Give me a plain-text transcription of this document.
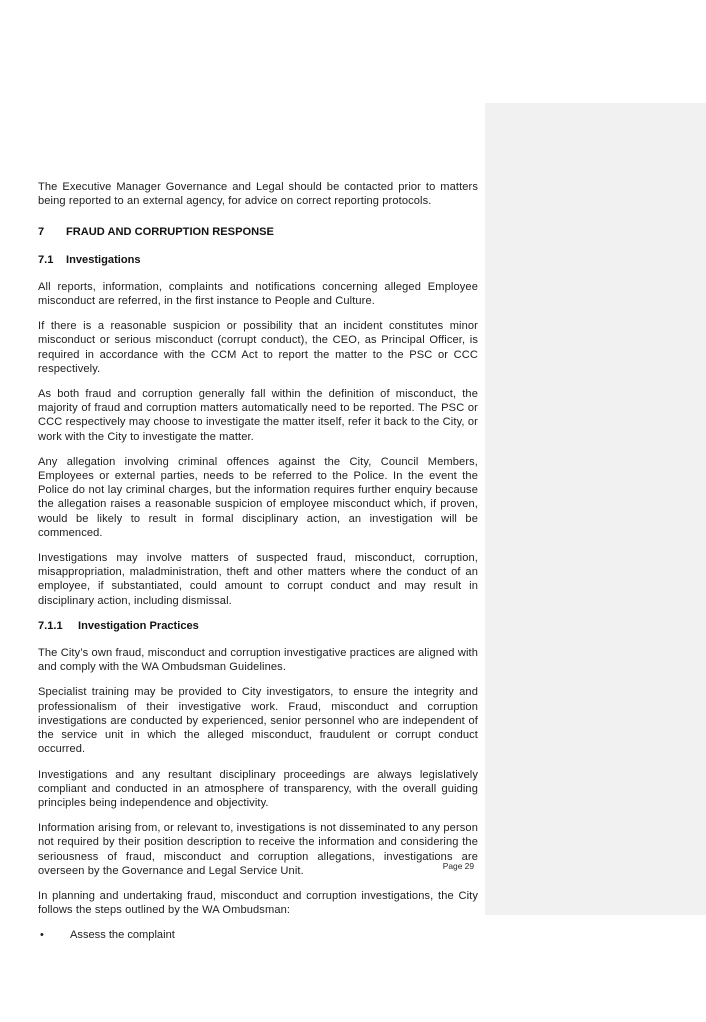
The Executive Manager Governance and Legal should be contacted prior to matters being reported to an external agency, for advice on correct reporting protocols.

7	FRAUD AND CORRUPTION RESPONSE
7.1	Investigations

All reports, information, complaints and notifications concerning alleged Employee misconduct are referred, in the first instance to People and Culture.

If there is a reasonable suspicion or possibility that an incident constitutes minor misconduct or serious misconduct (corrupt conduct), the CEO, as Principal Officer, is required in accordance with the CCM Act to report the matter to the PSC or CCC respectively.

As both fraud and corruption generally fall within the definition of misconduct, the majority of fraud and corruption matters automatically need to be reported. The PSC or CCC respectively may choose to investigate the matter itself, refer it back to the City, or work with the City to investigate the matter.

Any allegation involving criminal offences against the City, Council Members, Employees or external parties, needs to be referred to the Police. In the event the Police do not lay criminal charges, but the information requires further enquiry because the allegation raises a reasonable suspicion of employee misconduct which, if proven, would be likely to result in formal disciplinary action, an investigation will be commenced.

Investigations may involve matters of suspected fraud, misconduct, corruption, misappropriation, maladministration, theft and other matters where the conduct of an employee, if substantiated, could amount to corrupt conduct and may result in disciplinary action, including dismissal.

7.1.1	Investigation Practices

The City’s own fraud, misconduct and corruption investigative practices are aligned with and comply with the WA Ombudsman Guidelines.

Specialist training may be provided to City investigators, to ensure the integrity and professionalism of their investigative work. Fraud, misconduct and corruption investigations are conducted by experienced, senior personnel who are independent of the service unit in which the alleged misconduct, fraudulent or corrupt conduct occurred.

Investigations and any resultant disciplinary proceedings are always legislatively compliant and conducted in an atmosphere of transparency, with the overall guiding principles being independence and objectivity.

Information arising from, or relevant to, investigations is not disseminated to any person not required by their position description to receive the information and considering the seriousness of fraud, misconduct and corruption allegations, investigations are overseen by the Governance and Legal Service Unit.

In planning and undertaking fraud, misconduct and corruption investigations, the City follows the steps outlined by the WA Ombudsman:

• Assess the complaint
Page 29
